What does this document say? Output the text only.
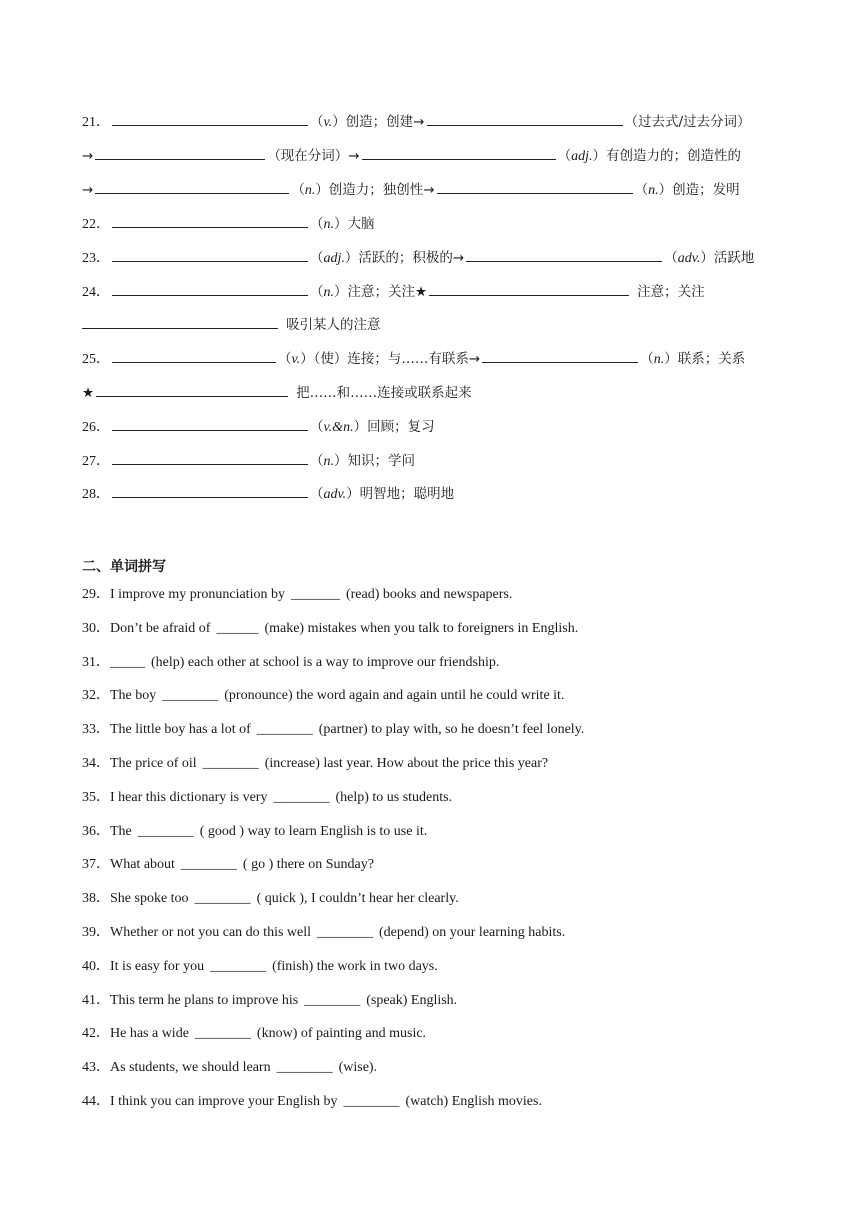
21．	（v.）创造；创建→	（过去式/过去分词）
→	（现在分词）→	（adj.）有创造力的；创造性的
→	（n.）创造力；独创性→	（n.）创造；发明
22．	（n.）大脑
23．	（adj.）活跃的；积极的→	（adv.）活跃地
24．	（n.）注意；关注★	注意；关注
吸引某人的注意
25．	（v.）（使）连接；与……有联系→	（n.）联系；关系
★	把……和……连接或联系起来
26．	（v.&n.）回顾；复习
27．	（n.）知识；学问
28．	（adv.）明智地；聪明地
二、单词拼写
29．I improve my pronunciation by _______ (read) books and newspapers.
30．Don’t be afraid of ______ (make) mistakes when you talk to foreigners in English.
31．_____ (help) each other at school is a way to improve our friendship.
32．The boy ________ (pronounce) the word again and again until he could write it.
33．The little boy has a lot of ________ (partner) to play with, so he doesn’t feel lonely.
34．The price of oil ________ (increase) last year. How about the price this year?
35．I hear this dictionary is very ________ (help) to us students.
36．The ________ ( good ) way to learn English is to use it.
37．What about ________ ( go ) there on Sunday?
38．She spoke too ________ ( quick ), I couldn’t hear her clearly.
39．Whether or not you can do this well ________ (depend) on your learning habits.
40．It is easy for you ________ (finish) the work in two days.
41．This term he plans to improve his ________ (speak) English.
42．He has a wide ________ (know) of painting and music.
43．As students, we should learn ________ (wise).
44．I think you can improve your English by ________ (watch) English movies.
